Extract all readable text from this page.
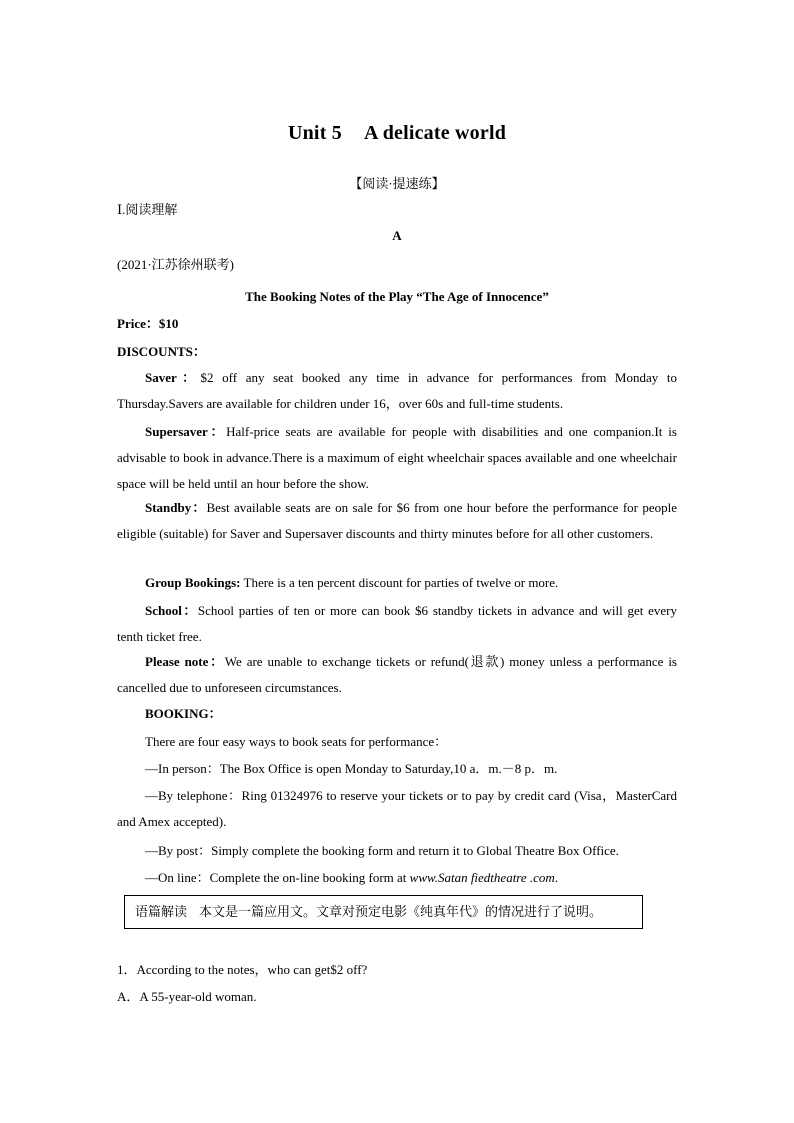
Unit 5 A delicate world
【阅读·提速练】
Ⅰ.阅读理解
A
(2021·江苏徐州联考)
The Booking Notes of the Play “The Age of Innocence”
Price：$10
DISCOUNTS：
Saver：$2 off any seat booked any time in advance for performances from Monday to Thursday.Savers are available for children under 16，over 60s and full-time students.
Supersaver：Half-price seats are available for people with disabilities and one companion.It is advisable to book in advance.There is a maximum of eight wheelchair spaces available and one wheelchair space will be held until an hour before the show.
Standby：Best available seats are on sale for $6 from one hour before the performance for people eligible (suitable) for Saver and Supersaver discounts and thirty minutes before for all other customers.
Group Bookings: There is a ten percent discount for parties of twelve or more.
School：School parties of ten or more can book $6 standby tickets in advance and will get every tenth ticket free.
Please note：We are unable to exchange tickets or refund(退款) money unless a performance is cancelled due to unforeseen circumstances.
BOOKING：
There are four easy ways to book seats for performance：
—In person：The Box Office is open Monday to Saturday,10 a．m.－8 p．m.
—By telephone：Ring 01324976 to reserve your tickets or to pay by credit card (Visa，MasterCard and Amex accepted).
—By post：Simply complete the booking form and return it to Global Theatre Box Office.
—On line：Complete the on-line booking form at www.Satan fiedtheatre .com.
语篇解读 本文是一篇应用文。文章对预定电影《纯真年代》的情况进行了说明。
1．According to the notes，who can get$2 off?
A．A 55-year-old woman.
